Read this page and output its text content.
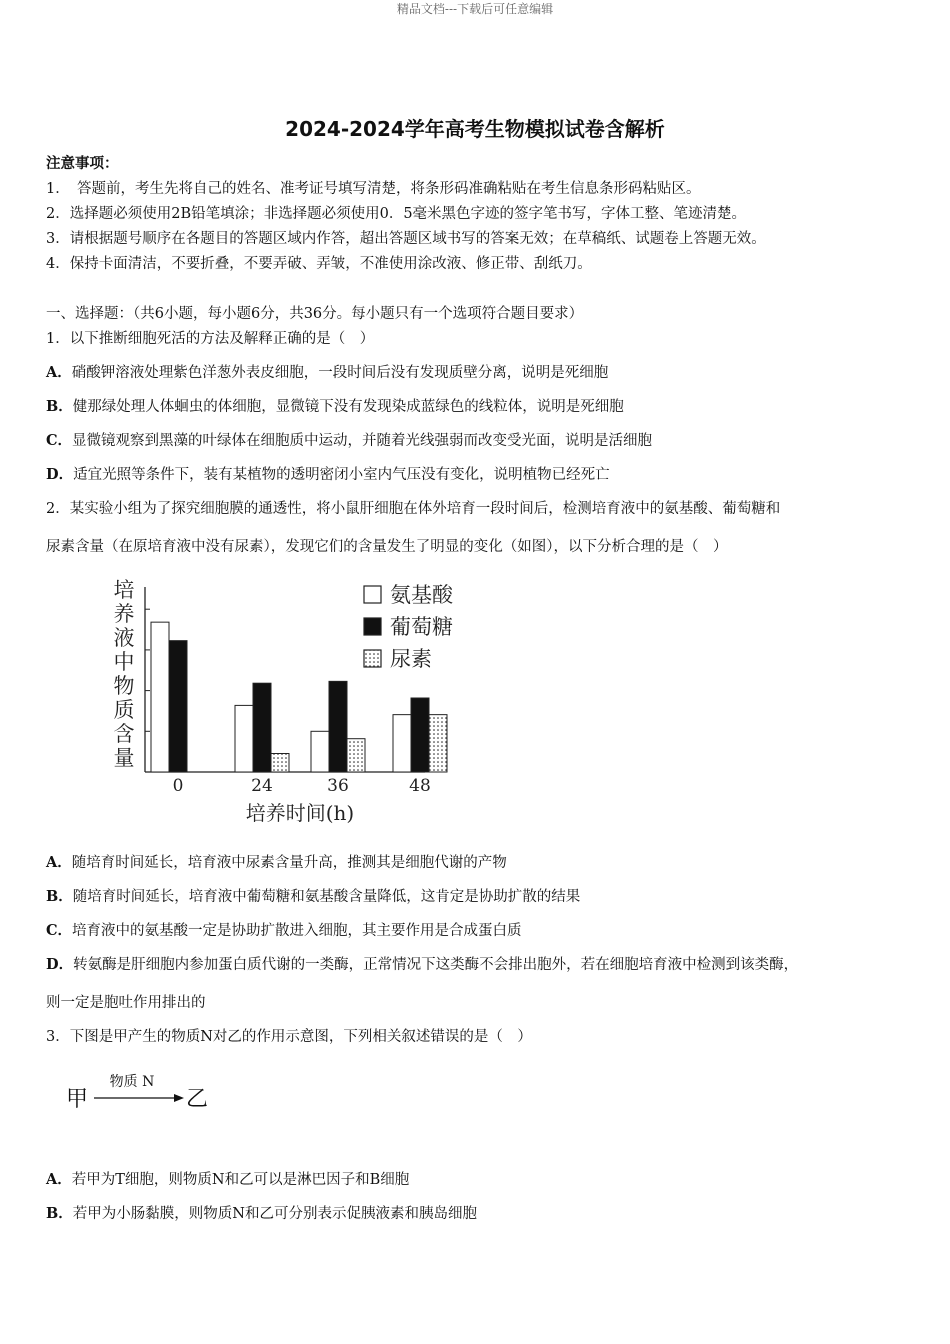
精品文档---下载后可任意编辑
2024-2024学年高考生物模拟试卷含解析
注意事项：
1．　答题前，考生先将自己的姓名、准考证号填写清楚，将条形码准确粘贴在考生信息条形码粘贴区。
2．选择题必须使用2B铅笔填涂；非选择题必须使用0．5毫米黑色字迹的签字笔书写，字体工整、笔迹清楚。
3．请根据题号顺序在各题目的答题区域内作答，超出答题区域书写的答案无效；在草稿纸、试题卷上答题无效。
4．保持卡面清洁，不要折叠，不要弄破、弄皱，不准使用涂改液、修正带、刮纸刀。
一、选择题：（共6小题，每小题6分，共36分。每小题只有一个选项符合题目要求）
1．以下推断细胞死活的方法及解释正确的是（　）
A．硝酸钾溶液处理紫色洋葱外表皮细胞，一段时间后没有发现质壁分离，说明是死细胞
B．健那绿处理人体蛔虫的体细胞，显微镜下没有发现染成蓝绿色的线粒体，说明是死细胞
C．显微镜观察到黑藻的叶绿体在细胞质中运动，并随着光线强弱而改变受光面，说明是活细胞
D．适宜光照等条件下，装有某植物的透明密闭小室内气压没有变化，说明植物已经死亡
2．某实验小组为了探究细胞膜的通透性，将小鼠肝细胞在体外培育一段时间后，检测培育液中的氨基酸、葡萄糖和
尿素含量（在原培育液中没有尿素），发现它们的含量发生了明显的变化（如图），以下分析合理的是（　）
培
养
液
中
物
质
含
量
0	24	36	48
氨基酸
葡萄糖
尿素
培养时间(h)
A．随培育时间延长，培育液中尿素含量升高，推测其是细胞代谢的产物
B．随培育时间延长，培育液中葡萄糖和氨基酸含量降低，这肯定是协助扩散的结果
C．培育液中的氨基酸一定是协助扩散进入细胞，其主要作用是合成蛋白质
D．转氨酶是肝细胞内参加蛋白质代谢的一类酶，正常情况下这类酶不会排出胞外，若在细胞培育液中检测到该类酶，
则一定是胞吐作用排出的
3．下图是甲产生的物质N对乙的作用示意图，下列相关叙述错误的是（　）
甲
物质 N
乙
A．若甲为T细胞，则物质N和乙可以是淋巴因子和B细胞
B．若甲为小肠黏膜，则物质N和乙可分别表示促胰液素和胰岛细胞
